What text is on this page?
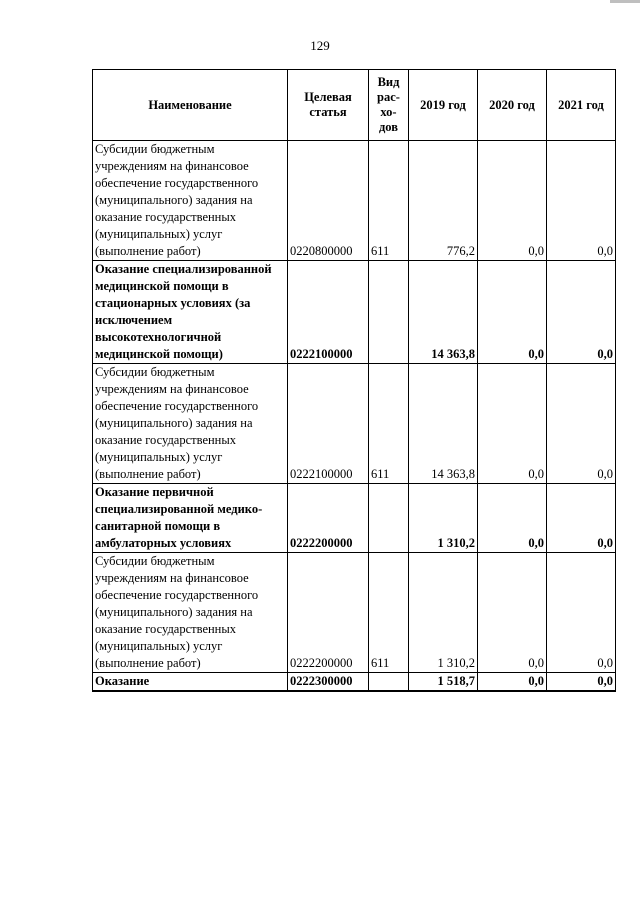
129
Наименование	Целевая статья	Вид рас-хо-дов	2019 год	2020 год	2021 год
Субсидии бюджетным учреждениям на финансовое обеспечение государственного (муниципального) задания на оказание государственных (муниципальных) услуг (выполнение работ)	0220800000	611	776,2	0,0	0,0
Оказание специализированной медицинской помощи в стационарных условиях (за исключением высокотехнологичной медицинской помощи)	0222100000		14 363,8	0,0	0,0
Субсидии бюджетным учреждениям на финансовое обеспечение государственного (муниципального) задания на оказание государственных (муниципальных) услуг (выполнение работ)	0222100000	611	14 363,8	0,0	0,0
Оказание первичной специализированной медико-санитарной помощи в амбулаторных условиях	0222200000		1 310,2	0,0	0,0
Субсидии бюджетным учреждениям на финансовое обеспечение государственного (муниципального) задания на оказание государственных (муниципальных) услуг (выполнение работ)	0222200000	611	1 310,2	0,0	0,0
Оказание	0222300000		1 518,7	0,0	0,0
